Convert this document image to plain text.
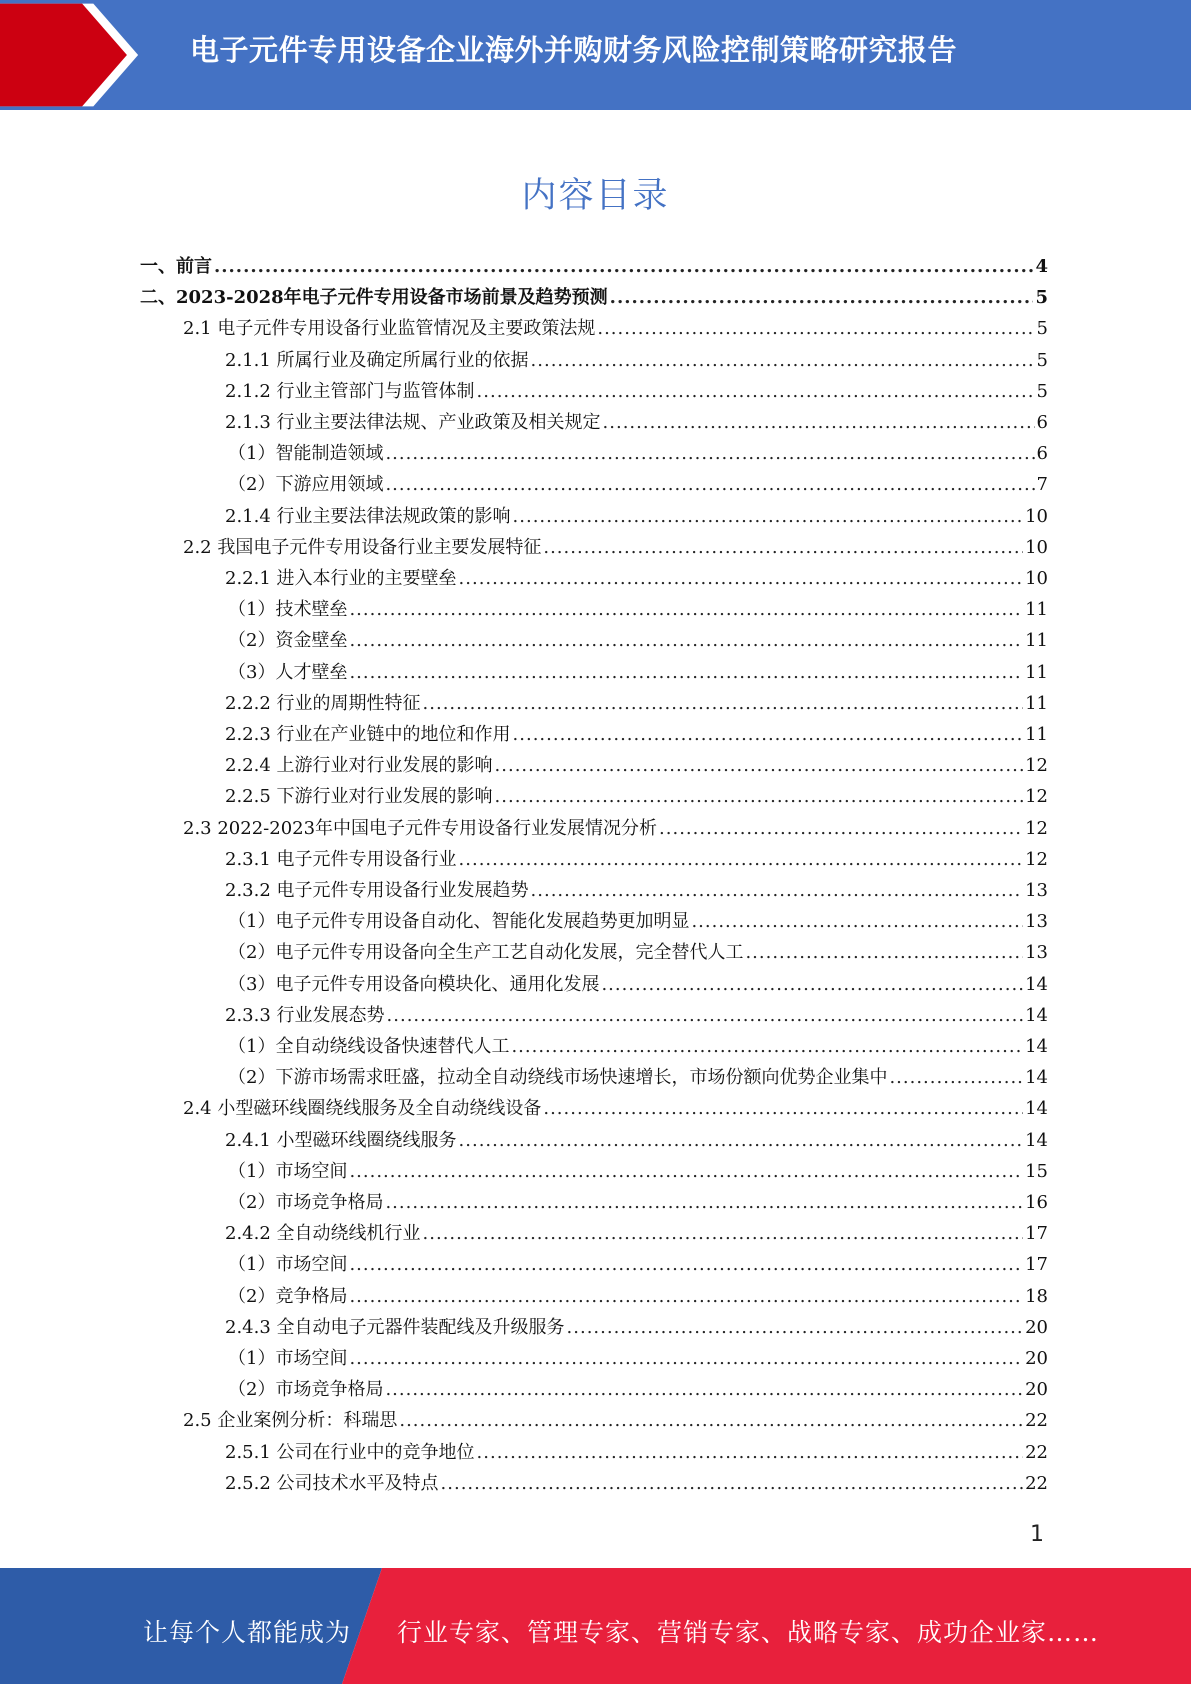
电子元件专用设备企业海外并购财务风险控制策略研究报告
内容目录
一、前言 .....	4
二、2023-2028年电子元件专用设备市场前景及趋势预测 .....	5
2.1 电子元件专用设备行业监管情况及主要政策法规 .....	5
2.1.1 所属行业及确定所属行业的依据 .....	5
2.1.2 行业主管部门与监管体制 .....	5
2.1.3 行业主要法律法规、产业政策及相关规定 .....	6
（1）智能制造领域 .....	6
（2）下游应用领域 .....	7
2.1.4 行业主要法律法规政策的影响 .....	10
2.2 我国电子元件专用设备行业主要发展特征 .....	10
2.2.1 进入本行业的主要壁垒 .....	10
（1）技术壁垒 .....	11
（2）资金壁垒 .....	11
（3）人才壁垒 .....	11
2.2.2 行业的周期性特征 .....	11
2.2.3 行业在产业链中的地位和作用 .....	11
2.2.4 上游行业对行业发展的影响 .....	12
2.2.5 下游行业对行业发展的影响 .....	12
2.3 2022-2023年中国电子元件专用设备行业发展情况分析 .....	12
2.3.1 电子元件专用设备行业 .....	12
2.3.2 电子元件专用设备行业发展趋势 .....	13
（1）电子元件专用设备自动化、智能化发展趋势更加明显 .....	13
（2）电子元件专用设备向全生产工艺自动化发展，完全替代人工 .....	13
（3）电子元件专用设备向模块化、通用化发展 .....	14
2.3.3 行业发展态势 .....	14
（1）全自动绕线设备快速替代人工 .....	14
（2）下游市场需求旺盛，拉动全自动绕线市场快速增长，市场份额向优势企业集中 .....	14
2.4 小型磁环线圈绕线服务及全自动绕线设备 .....	14
2.4.1 小型磁环线圈绕线服务 .....	14
（1）市场空间 .....	15
（2）市场竞争格局 .....	16
2.4.2 全自动绕线机行业 .....	17
（1）市场空间 .....	17
（2）竞争格局 .....	18
2.4.3 全自动电子元器件装配线及升级服务 .....	20
（1）市场空间 .....	20
（2）市场竞争格局 .....	20
2.5 企业案例分析：科瑞思 .....	22
2.5.1 公司在行业中的竞争地位 .....	22
2.5.2 公司技术水平及特点 .....	22
1
让每个人都能成为 行业专家、管理专家、营销专家、战略专家、成功企业家……
